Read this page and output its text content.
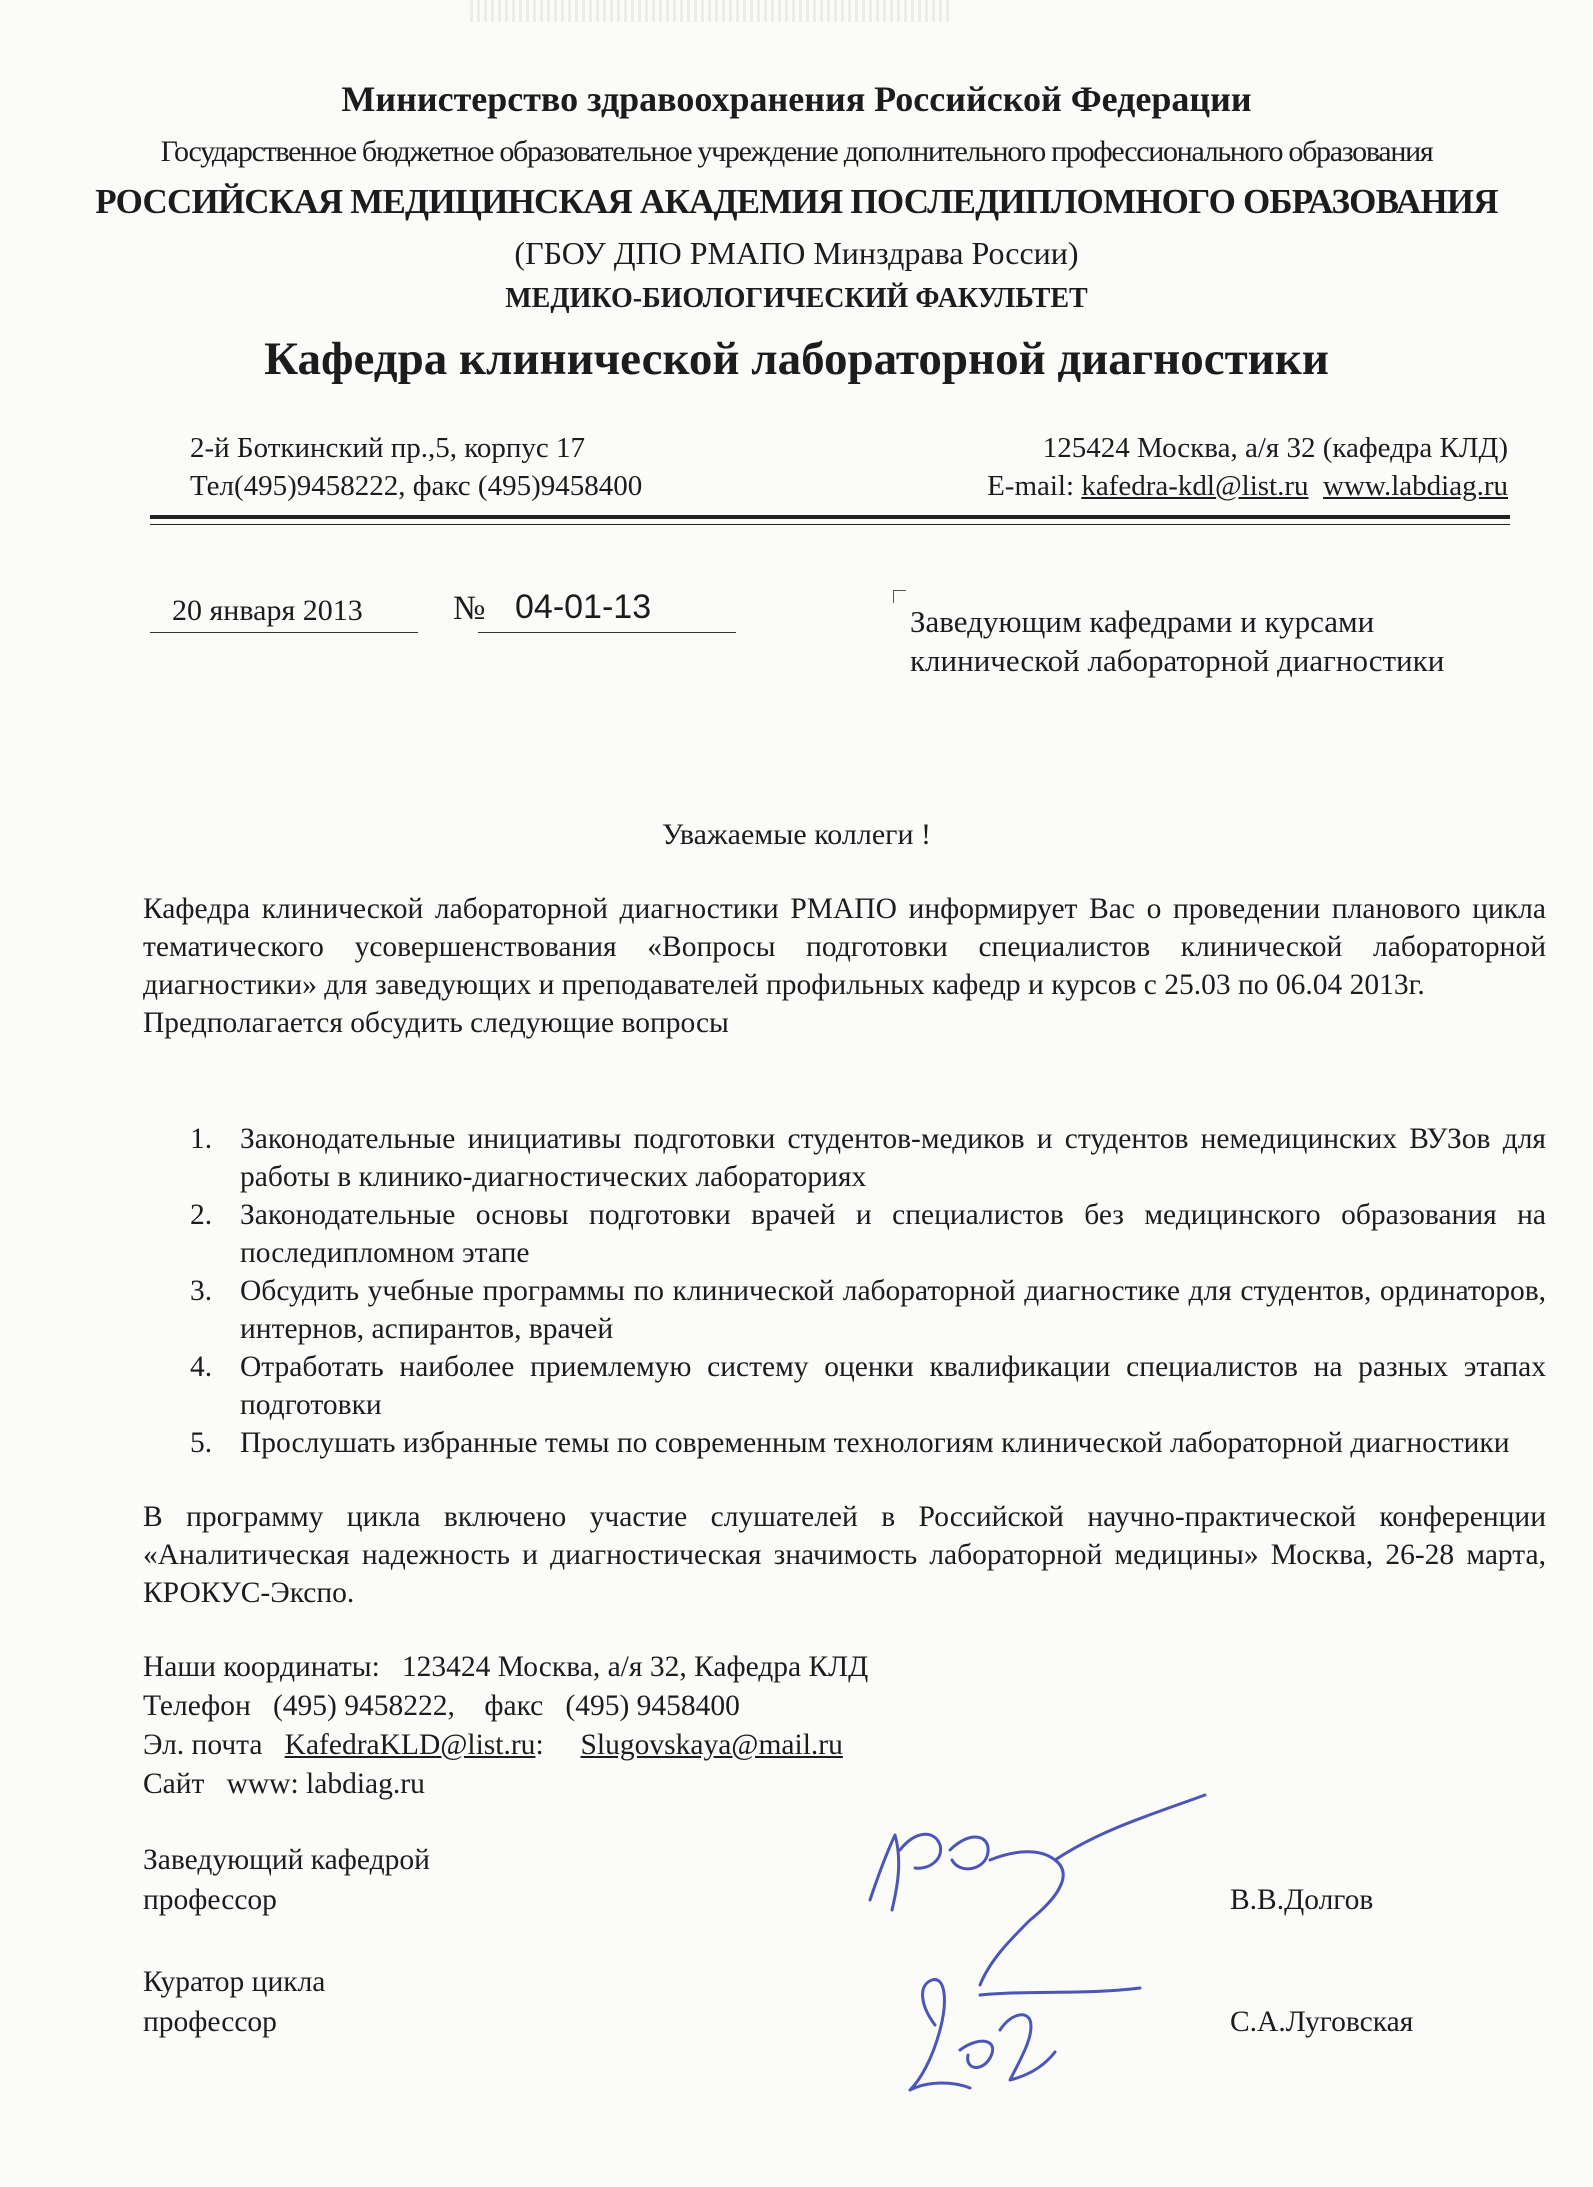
Министерство здравоохранения Российской Федерации
Государственное бюджетное образовательное учреждение дополнительного профессионального образования
РОССИЙСКАЯ МЕДИЦИНСКАЯ АКАДЕМИЯ ПОСЛЕДИПЛОМНОГО ОБРАЗОВАНИЯ
(ГБОУ ДПО РМАПО Минздрава России)
МЕДИКО-БИОЛОГИЧЕСКИЙ ФАКУЛЬТЕТ
Кафедра клинической лабораторной диагностики
2-й Боткинский пр.,5, корпус 17
Тел(495)9458222, факс (495)9458400
125424 Москва, а/я 32 (кафедра КЛД)
E-mail: kafedra-kdl@list.ru www.labdiag.ru
20 января 2013	№ 04-01-13	Заведующим кафедрами и курсами
клинической лабораторной диагностики
Уважаемые коллеги !

Кафедра клинической лабораторной диагностики РМАПО информирует Вас о проведении планового цикла тематического усовершенствования «Вопросы подготовки специалистов клинической лабораторной диагностики» для заведующих и преподавателей профильных кафедр и курсов с 25.03 по 06.04 2013г.

Предполагается обсудить следующие вопросы

1. Законодательные инициативы подготовки студентов-медиков и студентов немедицинских ВУЗов для работы в клинико-диагностических лабораториях
2. Законодательные основы подготовки врачей и специалистов без медицинского образования на последипломном этапе
3. Обсудить учебные программы по клинической лабораторной диагностике для студентов, ординаторов, интернов, аспирантов, врачей
4. Отработать наиболее приемлемую систему оценки квалификации специалистов на разных этапах подготовки
5. Прослушать избранные темы по современным технологиям клинической лабораторной диагностики
В программу цикла включено участие слушателей в Российской научно-практической конференции «Аналитическая надежность и диагностическая значимость лабораторной медицины» Москва, 26-28 марта, КРОКУС-Экспо.
Наши координаты: 123424 Москва, а/я 32, Кафедра КЛД
Телефон (495) 9458222, факс (495) 9458400
Эл. почта KafedraKLD@list.ru: Slugovskaya@mail.ru
Сайт www: labdiag.ru
Заведующий кафедрой
профессор	В.В.Долгов
Куратор цикла
профессор	С.А.Луговская
